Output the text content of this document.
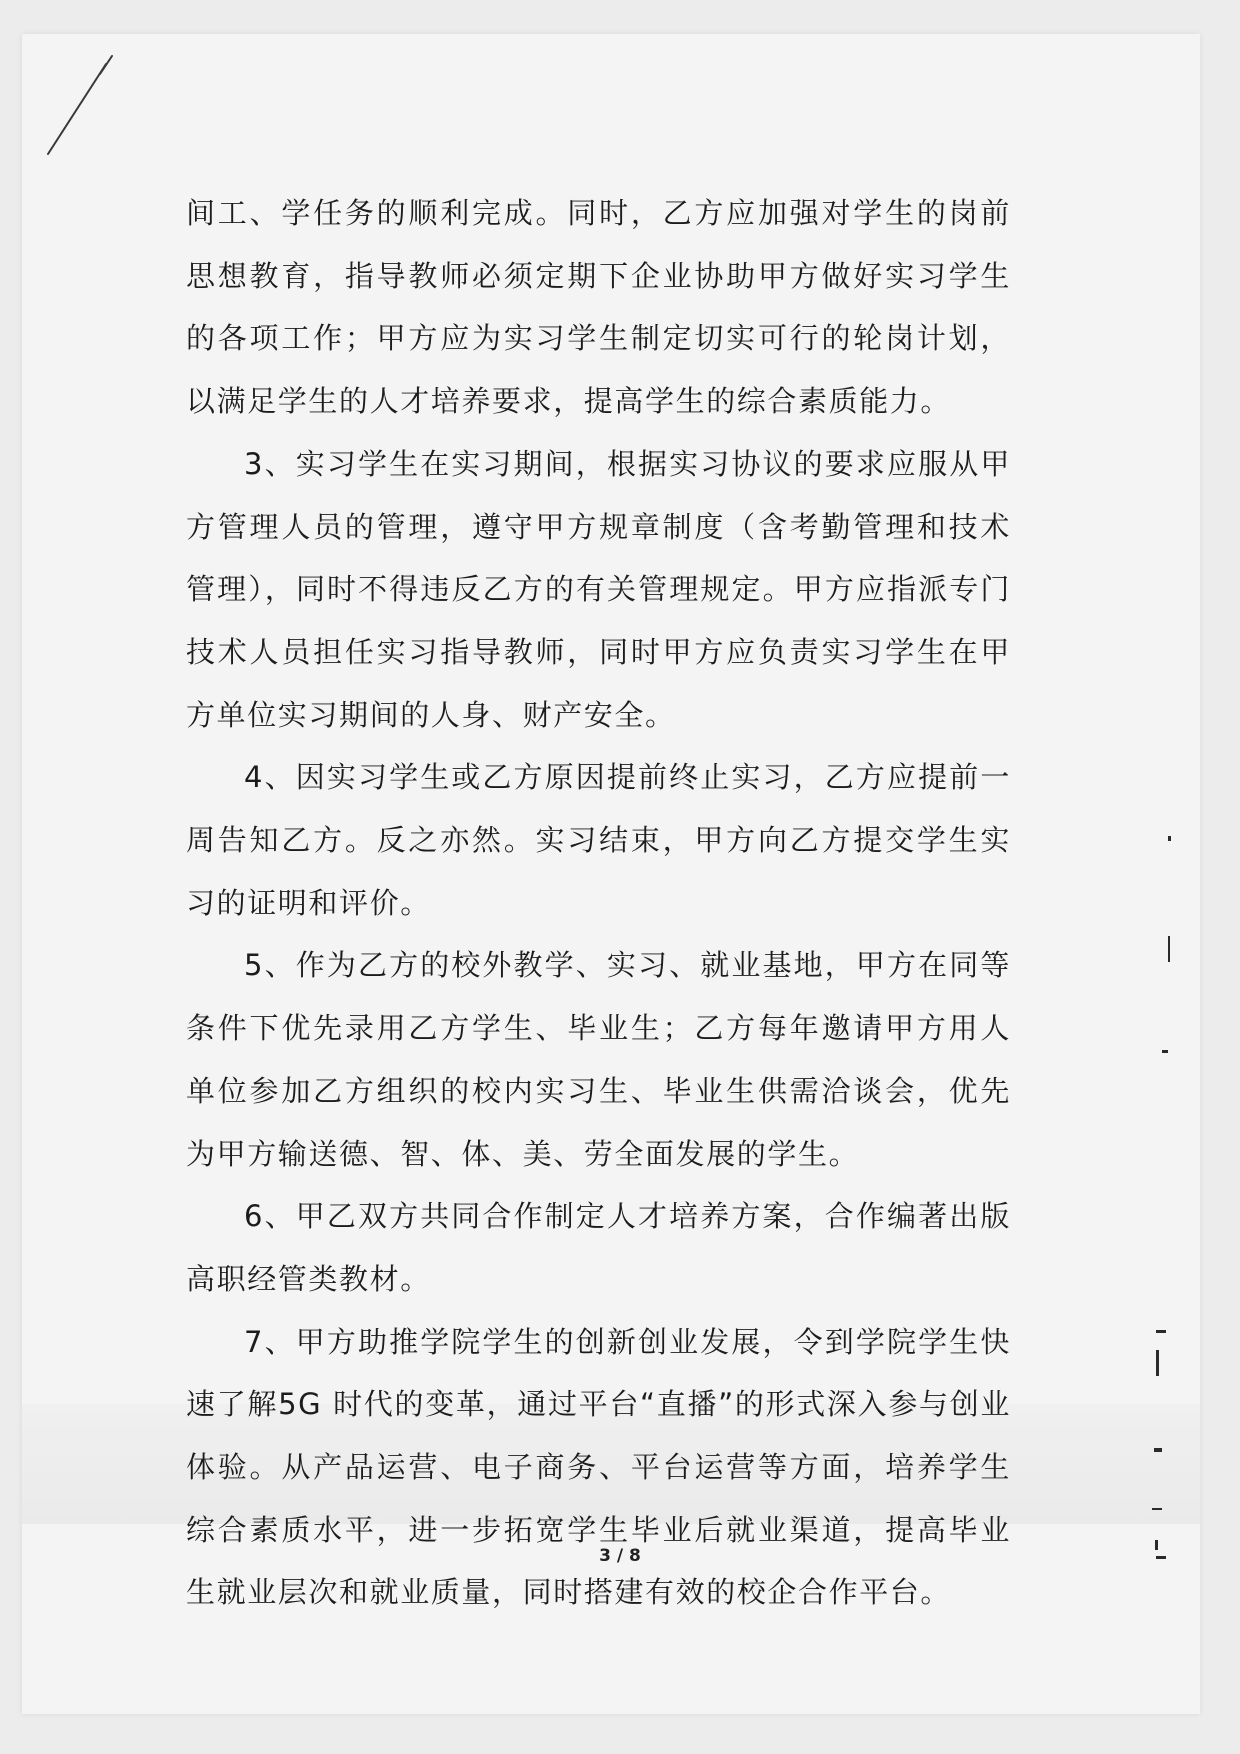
间工、学任务的顺利完成。同时，乙方应加强对学生的岗前思想教育，指导教师必须定期下企业协助甲方做好实习学生的各项工作；甲方应为实习学生制定切实可行的轮岗计划，以满足学生的人才培养要求，提高学生的综合素质能力。

3、实习学生在实习期间，根据实习协议的要求应服从甲方管理人员的管理，遵守甲方规章制度（含考勤管理和技术管理），同时不得违反乙方的有关管理规定。甲方应指派专门技术人员担任实习指导教师，同时甲方应负责实习学生在甲方单位实习期间的人身、财产安全。

4、因实习学生或乙方原因提前终止实习，乙方应提前一周告知乙方。反之亦然。实习结束，甲方向乙方提交学生实习的证明和评价。

5、作为乙方的校外教学、实习、就业基地，甲方在同等条件下优先录用乙方学生、毕业生；乙方每年邀请甲方用人单位参加乙方组织的校内实习生、毕业生供需洽谈会，优先为甲方输送德、智、体、美、劳全面发展的学生。

6、甲乙双方共同合作制定人才培养方案，合作编著出版高职经管类教材。

7、甲方助推学院学生的创新创业发展，令到学院学生快速了解5G 时代的变革，通过平台“直播”的形式深入参与创业体验。从产品运营、电子商务、平台运营等方面，培养学生综合素质水平，进一步拓宽学生毕业后就业渠道，提高毕业生就业层次和就业质量，同时搭建有效的校企合作平台。

3 / 8
